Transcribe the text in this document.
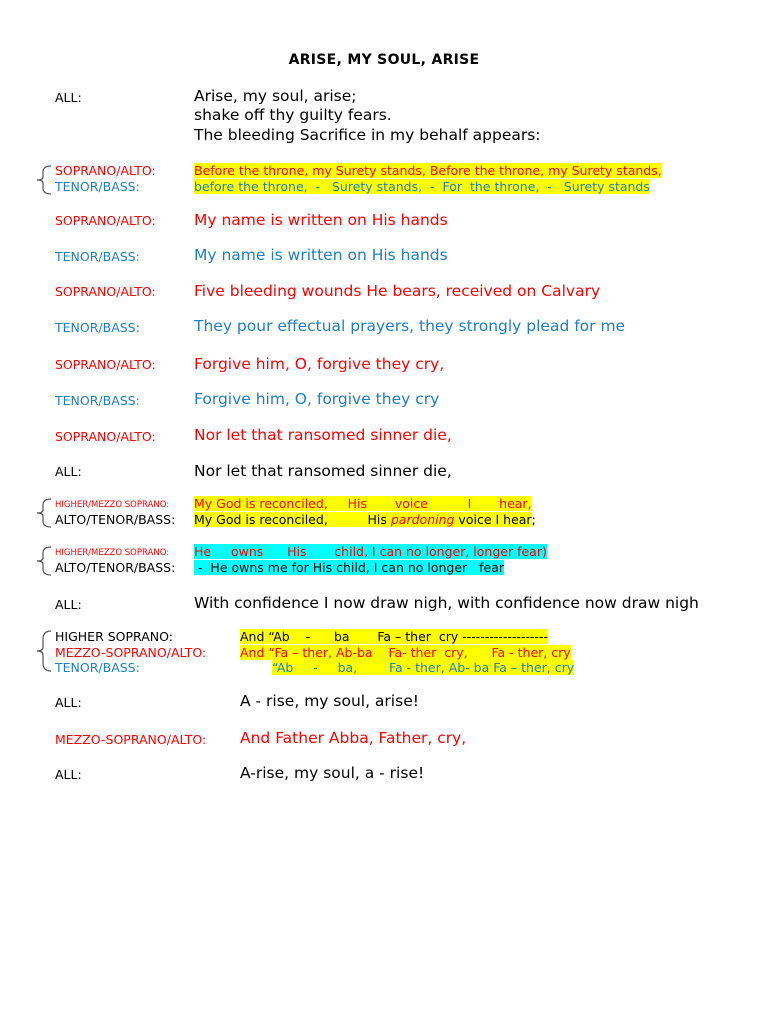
ARISE, MY SOUL, ARISE
ALL:	Arise, my soul, arise;
shake off thy guilty fears.
The bleeding Sacrifice in my behalf appears:
SOPRANO/ALTO:	Before the throne, my Surety stands, Before the throne, my Surety stands,
TENOR/BASS:	before the throne,  -   Surety stands,  -  For  the throne,  -   Surety stands
SOPRANO/ALTO: My name is written on His hands
TENOR/BASS:	My name is written on His hands
SOPRANO/ALTO: Five bleeding wounds He bears, received on Calvary
TENOR/BASS:	They pour effectual prayers, they strongly plead for me
SOPRANO/ALTO: Forgive him, O, forgive they cry,
TENOR/BASS:	Forgive him, O, forgive they cry
SOPRANO/ALTO: Nor let that ransomed sinner die,
ALL:	Nor let that ransomed sinner die,
HIGHER/MEZZO SOPRANO: My God is reconciled,     His       voice          I       hear,
ALTO/TENOR/BASS: My God is reconciled,          His pardoning voice I hear;
HIGHER/MEZZO SOPRANO: He     owns      His       child, I can no longer, longer fear)
ALTO/TENOR/BASS: -  He owns me for His child, I can no longer   fear
ALL:	With confidence I now draw nigh, with confidence now draw nigh
HIGHER SOPRANO:	And “Ab    -      ba       Fa – ther  cry -------------------
MEZZO-SOPRANO/ALTO:	And “Fa – ther, Ab-ba    Fa- ther  cry,      Fa - ther, cry
TENOR/BASS:	“Ab     -     ba,        Fa - ther, Ab- ba Fa – ther, cry
ALL:	A - rise, my soul, arise!
MEZZO-SOPRANO/ALTO: And Father Abba, Father, cry,
ALL:	A-rise, my soul, a - rise!
